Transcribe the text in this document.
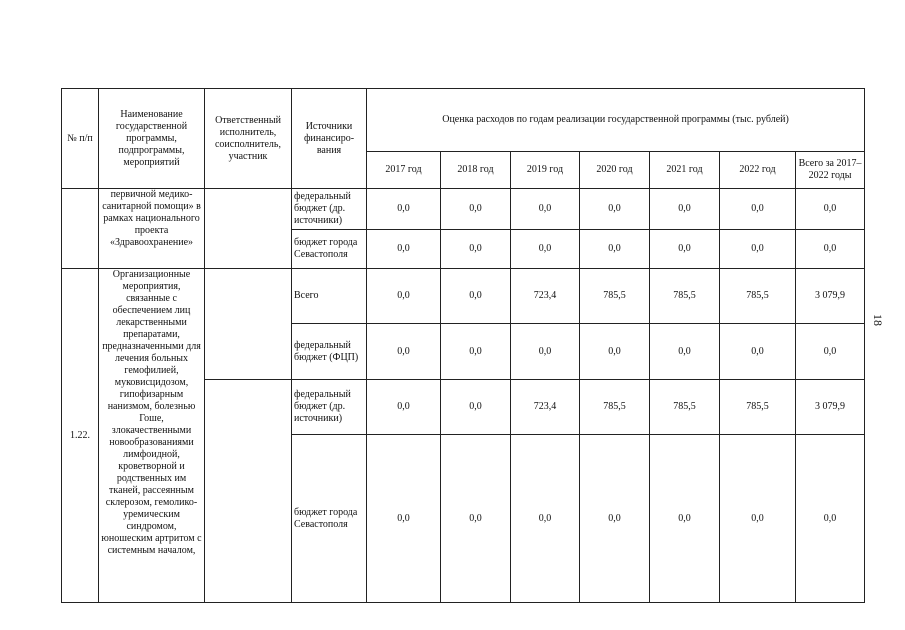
№ п/п	Наименование государственной программы, подпрограммы, мероприятий	Ответственный исполнитель, соисполнитель, участник	Источники финансиро-вания	Оценка расходов по годам реализации государственной программы (тыс. рублей)						
				2017 год	2018 год	2019 год	2020 год	2021 год	2022 год	Всего за 2017–2022 годы
	первичной медико-санитарной помощи» в рамках национального проекта «Здравоохранение»		федеральный бюджет (др. источники)	0,0	0,0	0,0	0,0	0,0	0,0	0,0
			бюджет города Севастополя	0,0	0,0	0,0	0,0	0,0	0,0	0,0
1.22.	Организационные мероприятия, связанные с обеспечением лиц лекарственными препаратами, предназначенными для лечения больных гемофилией, муковисцидозом, гипофизарным нанизмом, болезнью Гоше, злокачественными новообразованиями лимфоидной, кроветворной и родственных им тканей, рассеянным склерозом, гемолико-уремическим синдромом, юношеским артритом с системным началом,		Всего	0,0	0,0	723,4	785,5	785,5	785,5	3 079,9
			федеральный бюджет (ФЦП)	0,0	0,0	0,0	0,0	0,0	0,0	0,0
			федеральный бюджет (др. источники)	0,0	0,0	723,4	785,5	785,5	785,5	3 079,9
			бюджет города Севастополя	0,0	0,0	0,0	0,0	0,0	0,0	0,0
18
